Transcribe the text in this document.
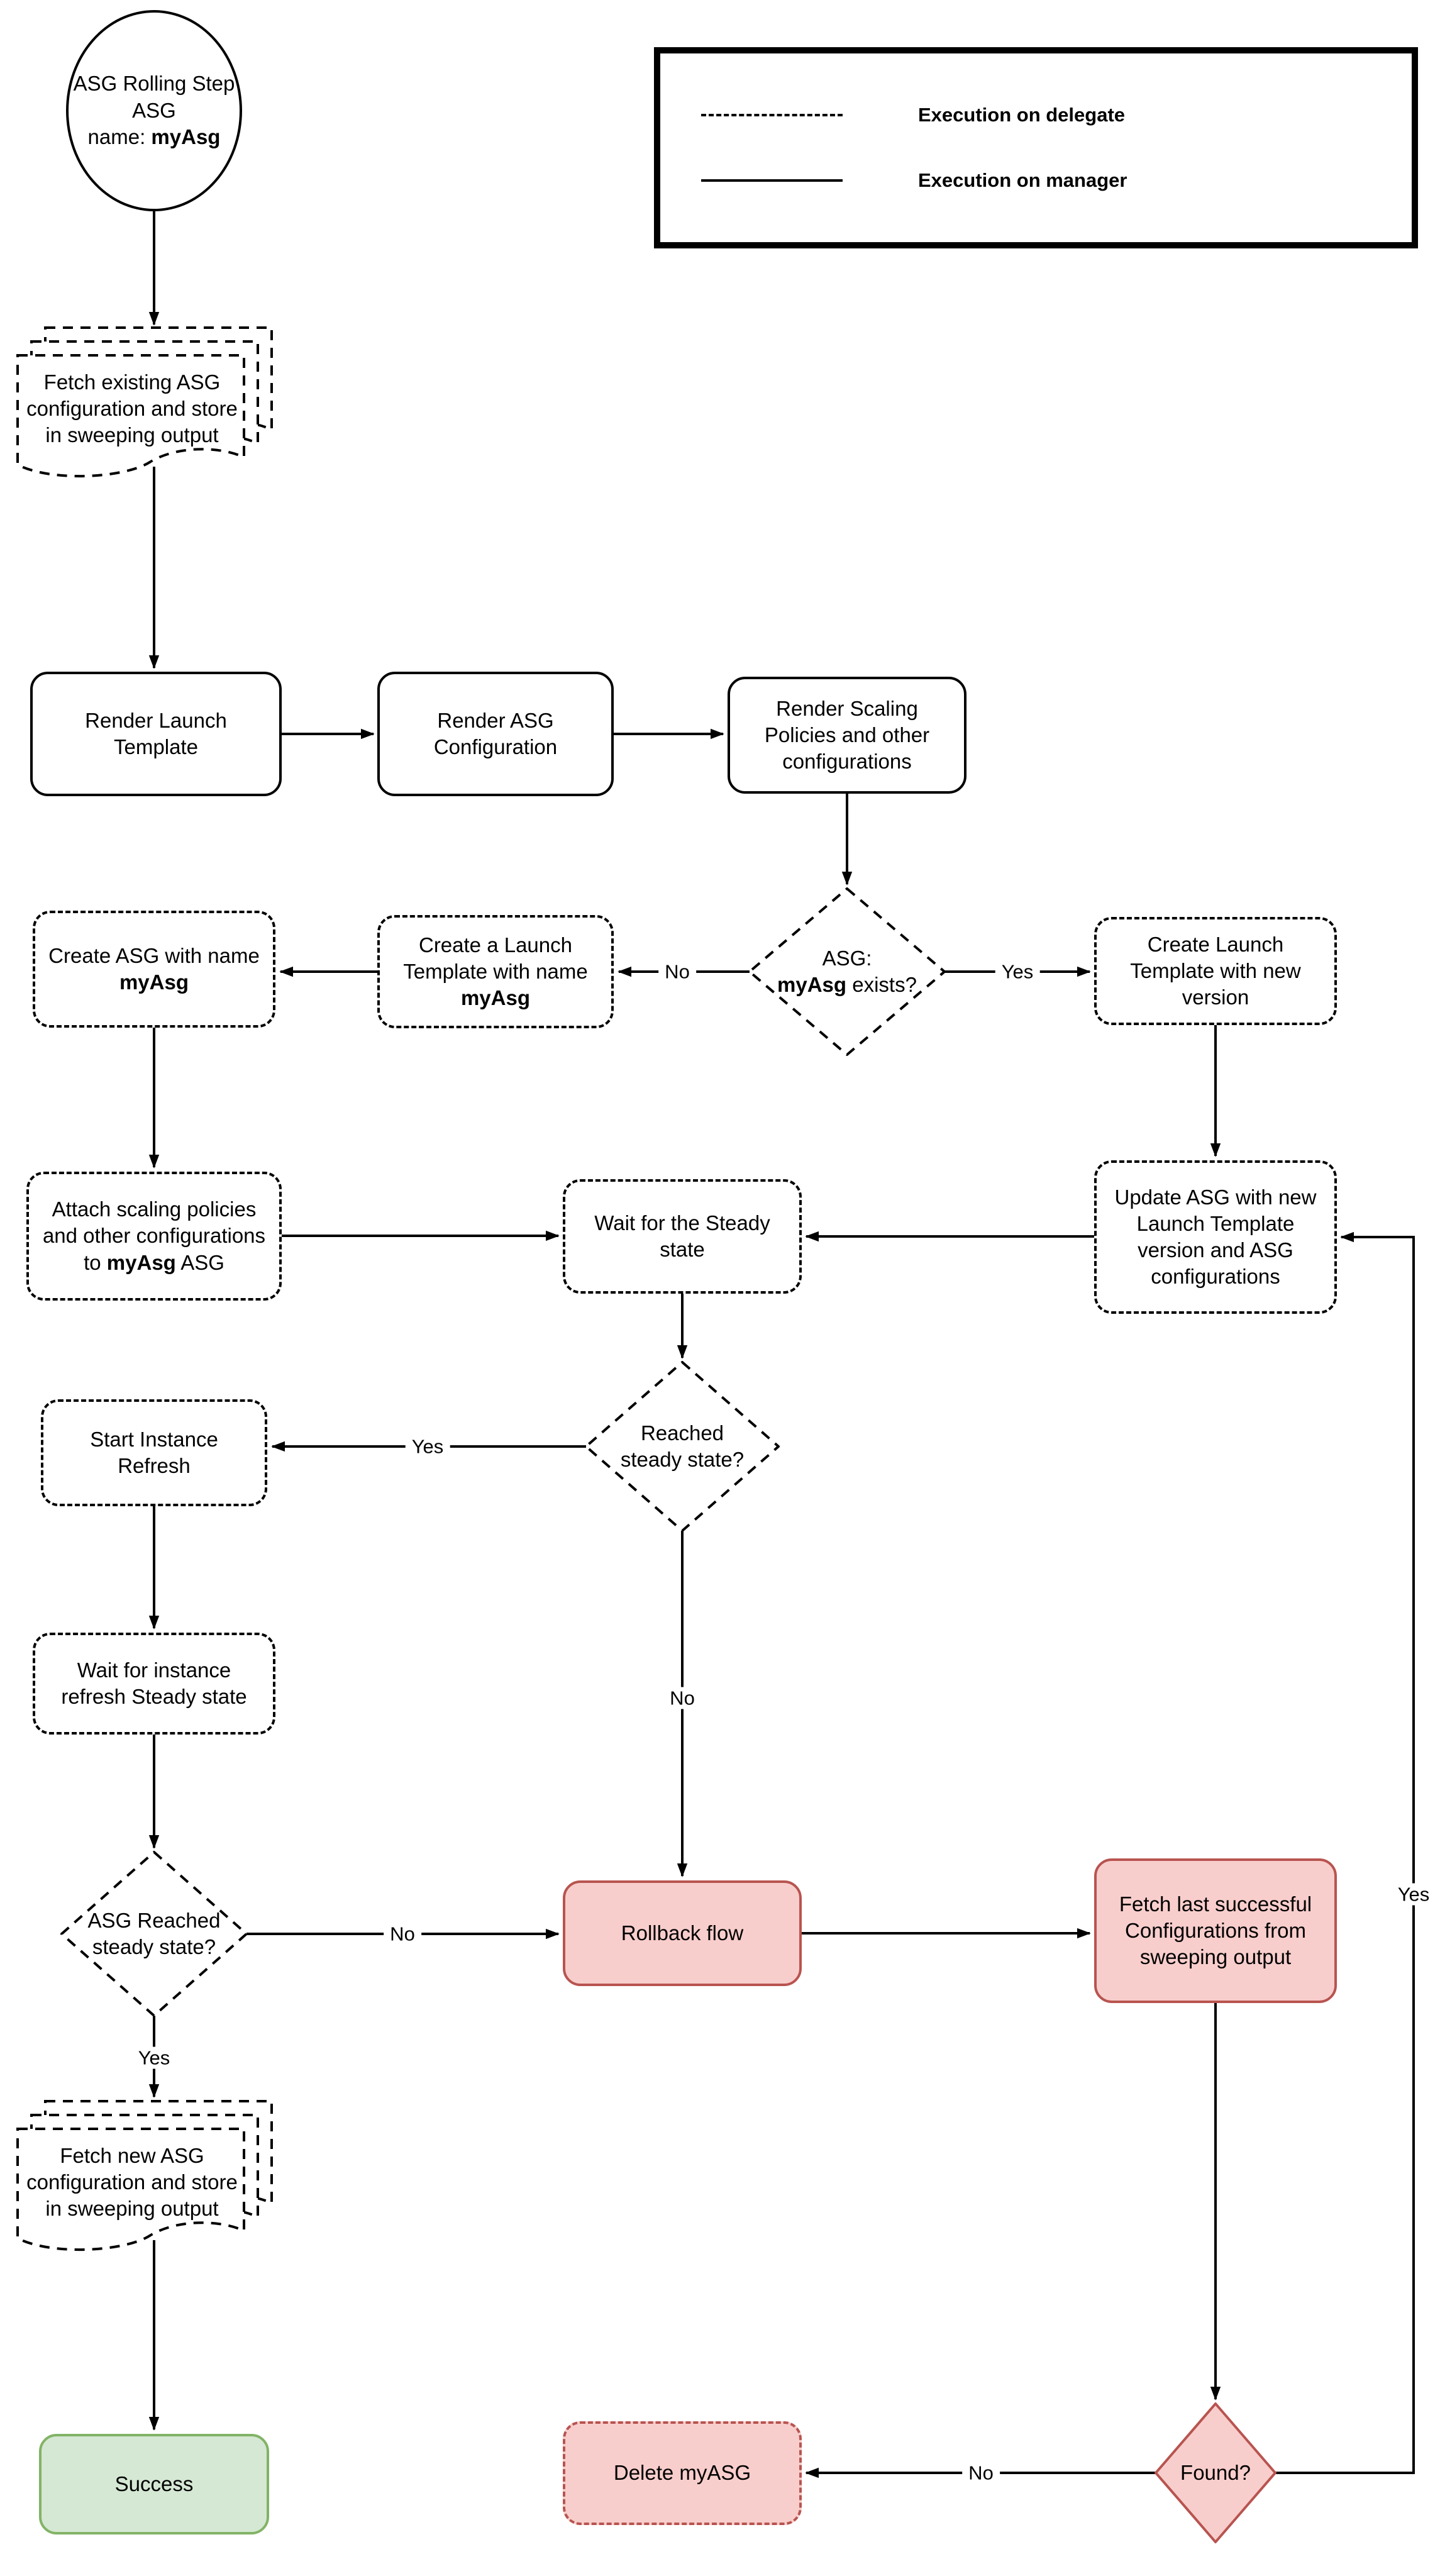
ASG Rolling Step
ASG
name: myAsg
Execution on delegate
Execution on manager
Fetch existing ASG configuration and store in sweeping output
Fetch new ASG configuration and store in sweeping output
Render Launch Template
Render ASG Configuration
Render Scaling Policies and other configurations
Create Launch Template with new version
Create a Launch Template with name myAsg
Create ASG with name myAsg
Attach scaling policies and other configurations to myAsg ASG
Wait for the Steady state
Update ASG with new Launch Template version and ASG configurations
Start Instance Refresh
Wait for instance refresh Steady state
Rollback flow
Fetch last successful Configurations from sweeping output
Success	Delete myASG
ASG:
myAsg exists?
Reached steady state?
ASG Reached steady state?
Found?
No	Yes
Yes
No
No
Yes
No
Yes
